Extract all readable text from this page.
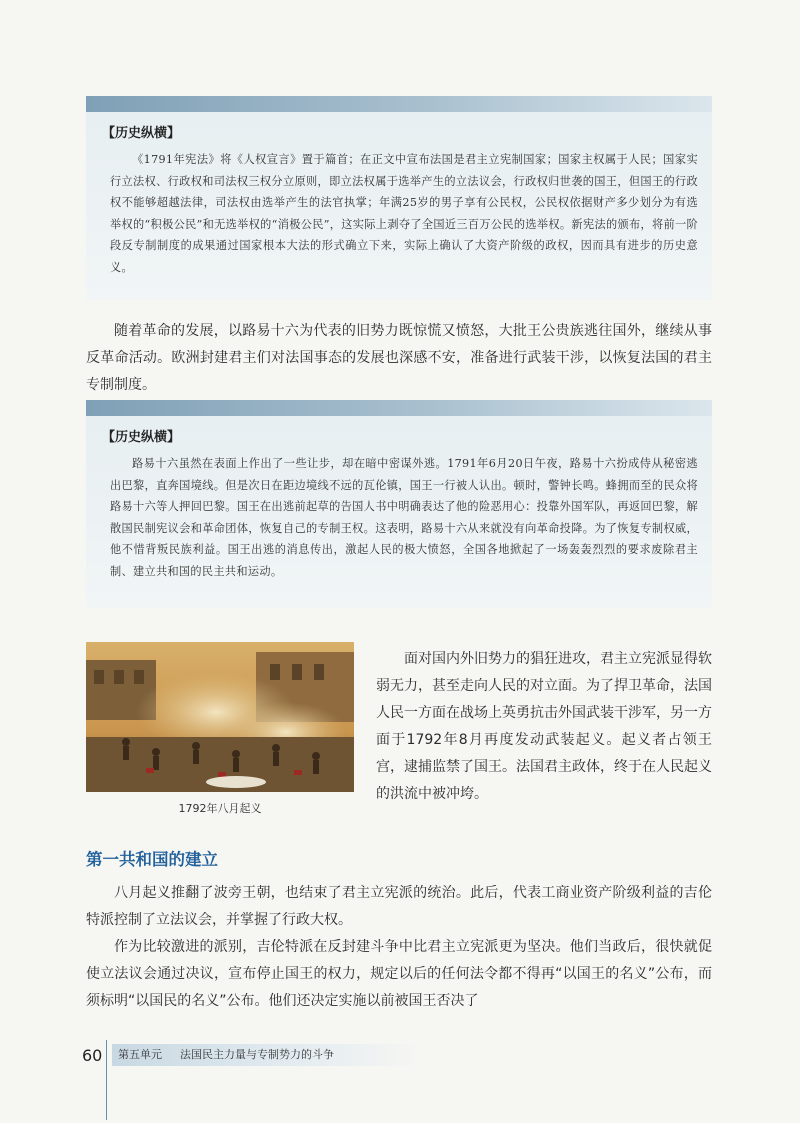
【历史纵横】

《1791年宪法》将《人权宣言》置于篇首；在正文中宣布法国是君主立宪制国家；国家主权属于人民；国家实行立法权、行政权和司法权三权分立原则，即立法权属于选举产生的立法议会，行政权归世袭的国王，但国王的行政权不能够超越法律，司法权由选举产生的法官执掌；年满25岁的男子享有公民权，公民权依据财产多少划分为有选举权的“积极公民”和无选举权的“消极公民”，这实际上剥夺了全国近三百万公民的选举权。新宪法的颁布，将前一阶段反专制制度的成果通过国家根本大法的形式确立下来，实际上确认了大资产阶级的政权，因而具有进步的历史意义。

随着革命的发展，以路易十六为代表的旧势力既惊慌又愤怒，大批王公贵族逃往国外，继续从事反革命活动。欧洲封建君主们对法国事态的发展也深感不安，准备进行武装干涉，以恢复法国的君主专制制度。

【历史纵横】

路易十六虽然在表面上作出了一些让步，却在暗中密谋外逃。1791年6月20日午夜，路易十六扮成侍从秘密逃出巴黎，直奔国境线。但是次日在距边境线不远的瓦伦镇，国王一行被人认出。顿时，警钟长鸣。蜂拥而至的民众将路易十六等人押回巴黎。国王在出逃前起草的告国人书中明确表达了他的险恶用心：投靠外国军队，再返回巴黎，解散国民制宪议会和革命团体，恢复自己的专制王权。这表明，路易十六从来就没有向革命投降。为了恢复专制权威，他不惜背叛民族利益。国王出逃的消息传出，激起人民的极大愤怒，全国各地掀起了一场轰轰烈烈的要求废除君主制、建立共和国的民主共和运动。

1792年八月起义

面对国内外旧势力的猖狂进攻，君主立宪派显得软弱无力，甚至走向人民的对立面。为了捍卫革命，法国人民一方面在战场上英勇抗击外国武装干涉军，另一方面于1792年8月再度发动武装起义。起义者占领王宫，逮捕监禁了国王。法国君主政体，终于在人民起义的洪流中被冲垮。

第一共和国的建立

八月起义推翻了波旁王朝，也结束了君主立宪派的统治。此后，代表工商业资产阶级利益的吉伦特派控制了立法议会，并掌握了行政大权。

作为比较激进的派别，吉伦特派在反封建斗争中比君主立宪派更为坚决。他们当政后，很快就促使立法议会通过决议，宣布停止国王的权力，规定以后的任何法令都不得再“以国王的名义”公布，而须标明“以国民的名义”公布。他们还决定实施以前被国王否决了

60	第五单元 法国民主力量与专制势力的斗争
